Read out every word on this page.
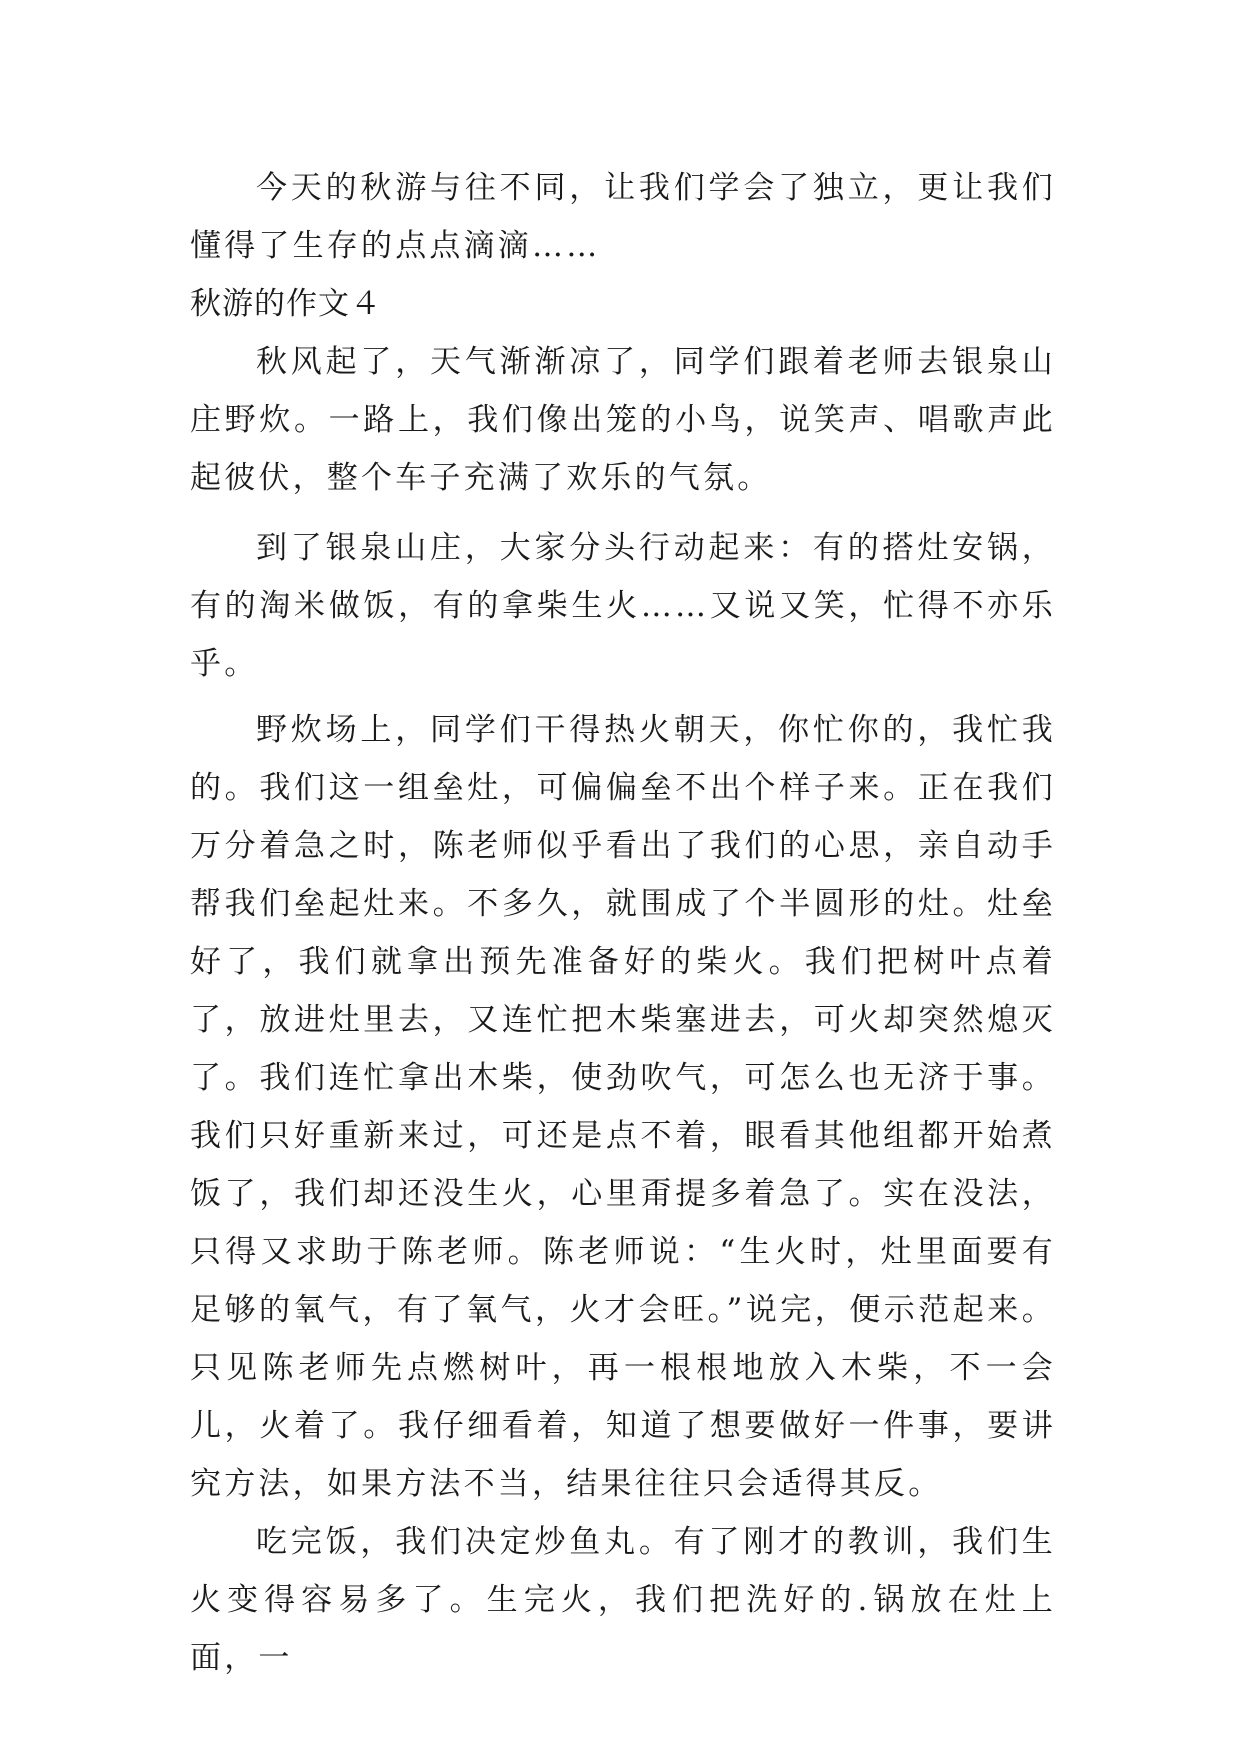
今天的秋游与往不同，让我们学会了独立，更让我们懂得了生存的点点滴滴……

秋游的作文４

秋风起了，天气渐渐凉了，同学们跟着老师去银泉山庄野炊。一路上，我们像出笼的小鸟，说笑声、唱歌声此起彼伏，整个车子充满了欢乐的气氛。

到了银泉山庄，大家分头行动起来：有的搭灶安锅，有的淘米做饭，有的拿柴生火……又说又笑，忙得不亦乐乎。

野炊场上，同学们干得热火朝天，你忙你的，我忙我的。我们这一组垒灶，可偏偏垒不出个样子来。正在我们万分着急之时，陈老师似乎看出了我们的心思，亲自动手帮我们垒起灶来。不多久，就围成了个半圆形的灶。灶垒好了，我们就拿出预先准备好的柴火。我们把树叶点着了，放进灶里去，又连忙把木柴塞进去，可火却突然熄灭了。我们连忙拿出木柴，使劲吹气，可怎么也无济于事。我们只好重新来过，可还是点不着，眼看其他组都开始煮饭了，我们却还没生火，心里甭提多着急了。实在没法，只得又求助于陈老师。陈老师说：“生火时，灶里面要有足够的氧气，有了氧气，火才会旺。”说完，便示范起来。只见陈老师先点燃树叶，再一根根地放入木柴，不一会儿，火着了。我仔细看着，知道了想要做好一件事，要讲究方法，如果方法不当，结果往往只会适得其反。

吃完饭，我们决定炒鱼丸。有了刚才的教训，我们生火变得容易多了。生完火，我们把洗好的.锅放在灶上面，一
